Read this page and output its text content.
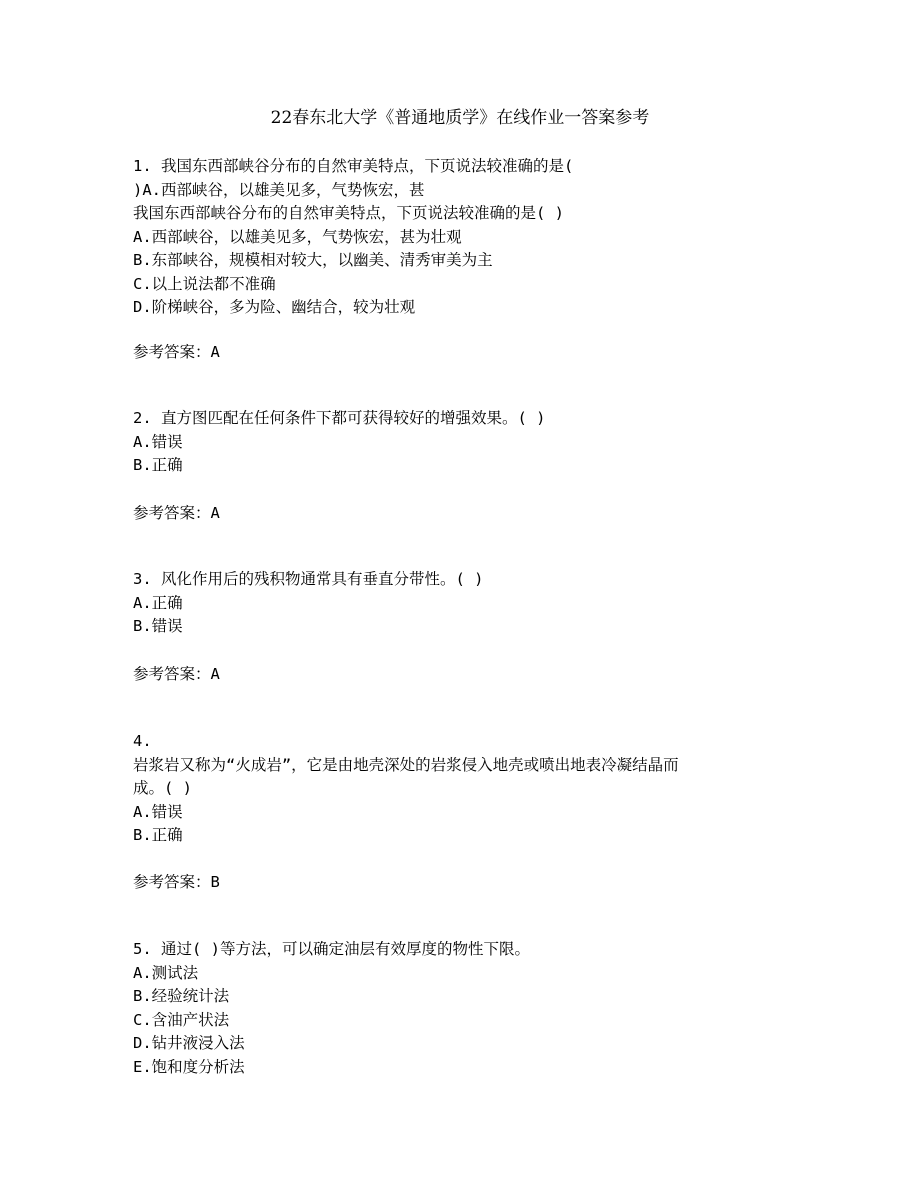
22春东北大学《普通地质学》在线作业一答案参考
1. 我国东西部峡谷分布的自然审美特点，下页说法较准确的是(
)A.西部峡谷，以雄美见多，气势恢宏，甚
我国东西部峡谷分布的自然审美特点，下页说法较准确的是( )
A.西部峡谷，以雄美见多，气势恢宏，甚为壮观
B.东部峡谷，规模相对较大，以幽美、清秀审美为主
C.以上说法都不准确
D.阶梯峡谷，多为险、幽结合，较为壮观
参考答案：A
2. 直方图匹配在任何条件下都可获得较好的增强效果。( )
A.错误
B.正确
参考答案：A
3. 风化作用后的残积物通常具有垂直分带性。( )
A.正确
B.错误
参考答案：A
4.
岩浆岩又称为“火成岩”，它是由地壳深处的岩浆侵入地壳或喷出地表冷凝结晶而
成。( )
A.错误
B.正确
参考答案：B
5. 通过( )等方法，可以确定油层有效厚度的物性下限。
A.测试法
B.经验统计法
C.含油产状法
D.钻井液浸入法
E.饱和度分析法
